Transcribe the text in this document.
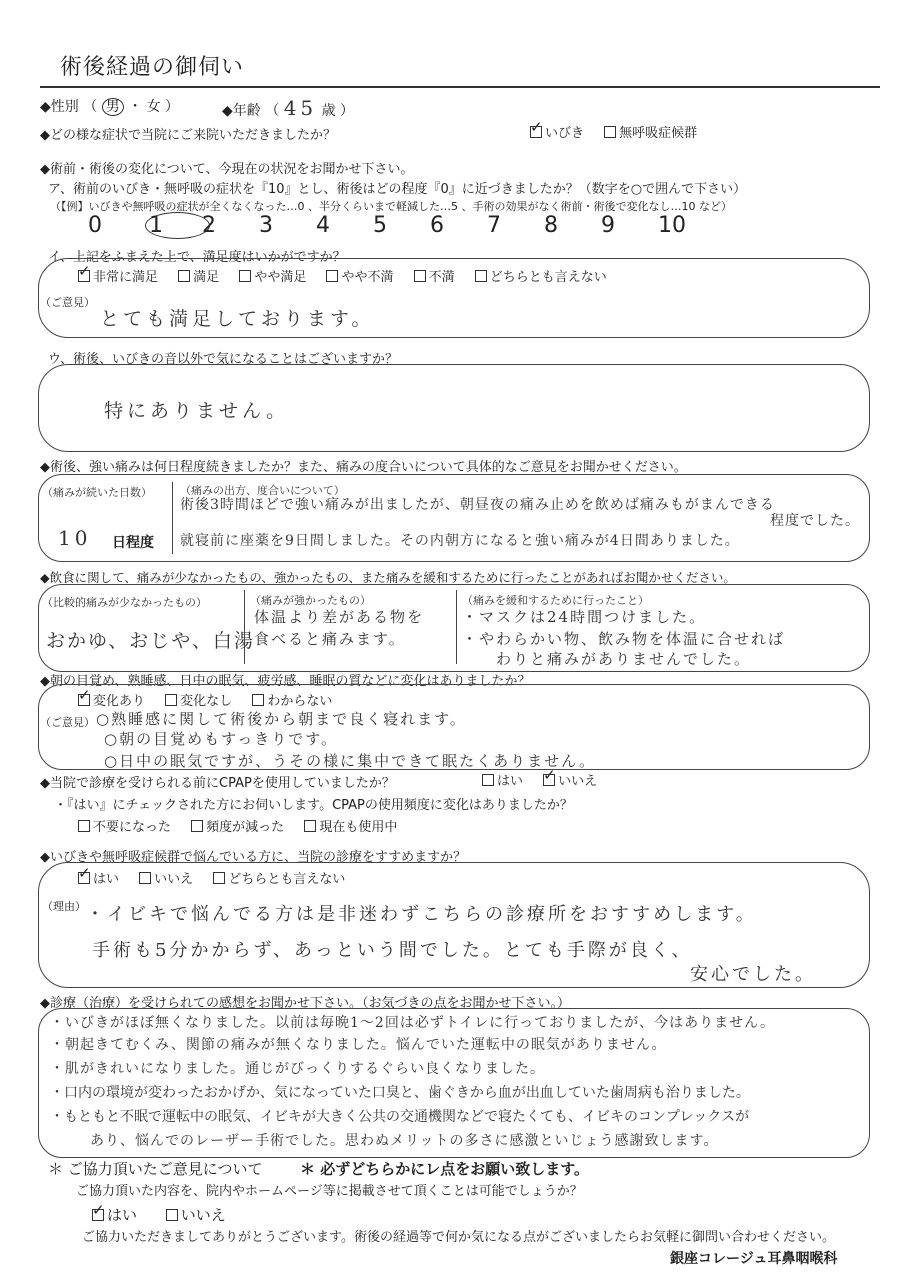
術後経過の御伺い
◆性別 （ 男 ・ 女 ）	◆年齢 （ 45 歳 ）
◆どの様な症状で当院にご来院いただきましたか？ ✓	いびき	無呼吸症候群
◆術前・術後の変化について、今現在の状況をお聞かせ下さい。
ア、術前のいびき・無呼吸の症状を『10』とし、術後はどの程度『0』に近づきましたか？（数字を○で囲んで下さい）
（【例】いびきや無呼吸の症状が全くなくなった…0 、半分くらいまで軽減した…5 、手術の効果がなく術前・術後で変化なし…10 など）
0 1 2 3 4 5 6 7 8 9 10
イ、上記をふまえた上で、満足度はいかがですか？
✓非常に満足	満足	やや満足	やや不満	不満	どちらとも言えない
（ご意見）
とても満足しております。
ウ、術後、いびきの音以外で気になることはございますか？
特にありません。
◆術後、強い痛みは何日程度続きましたか？また、痛みの度合いについて具体的なご意見をお聞かせください。
（痛みが続いた日数）
10 日程度
（痛みの出方、度合いについて）
術後3時間ほどで強い痛みが出ましたが、朝昼夜の痛み止めを飲めば痛みもがまんできる
程度でした。
就寝前に座薬を9日間しました。その内朝方になると強い痛みが4日間ありました。
◆飲食に関して、痛みが少なかったもの、強かったもの、また痛みを緩和するために行ったことがあればお聞かせください。
（比較的痛みが少なかったもの）
おかゆ、おじや、白湯
（痛みが強かったもの）
体温より差がある物を
食べると痛みます。
（痛みを緩和するために行ったこと）
・マスクは24時間つけました。
・やわらかい物、飲み物を体温に合せれば
わりと痛みがありませんでした。
◆朝の目覚め、熟睡感、日中の眠気、疲労感、睡眠の質などに変化はありましたか？
✓変化あり	変化なし	わからない
（ご意見） ○熟睡感に関して術後から朝まで良く寝れます。
○朝の目覚めもすっきりです。
○日中の眠気ですが、うその様に集中できて眠たくありません。
◆当院で診療を受けられる前にCPAPを使用していましたか？	はい ✓	いいえ
・『はい』にチェックされた方にお伺いします。CPAPの使用頻度に変化はありましたか？
不要になった	頻度が減った	現在も使用中
◆いびきや無呼吸症候群で悩んでいる方に、当院の診療をすすめますか？
✓はい	いいえ	どちらとも言えない
（理由） ・イビキで悩んでる方は是非迷わずこちらの診療所をおすすめします。
手術も5分かからず、あっという間でした。とても手際が良く、
安心でした。
◆診療（治療）を受けられての感想をお聞かせ下さい。（お気づきの点をお聞かせ下さい。）
・いびきがほぼ無くなりました。以前は毎晩1～2回は必ずトイレに行っておりましたが、今はありません。
・朝起きてむくみ、関節の痛みが無くなりました。悩んでいた運転中の眠気がありません。
・肌がきれいになりました。通じがびっくりするぐらい良くなりました。
・口内の環境が変わったおかげか、気になっていた口臭と、歯ぐきから血が出血していた歯周病も治りました。
・もともと不眠で運転中の眠気、イビキが大きく公共の交通機関などで寝たくても、イビキのコンプレックスが
あり、悩んでのレーザー手術でした。思わぬメリットの多さに感激といじょう感謝致します。
＊ ご協力頂いたご意見について	＊ 必ずどちらかにレ点をお願い致します。
ご協力頂いた内容を、院内やホームページ等に掲載させて頂くことは可能でしょうか？
✓はい	いいえ
ご協力いただきましてありがとうございます。術後の経過等で何か気になる点がございましたらお気軽に御問い合わせください。
銀座コレージュ耳鼻咽喉科
